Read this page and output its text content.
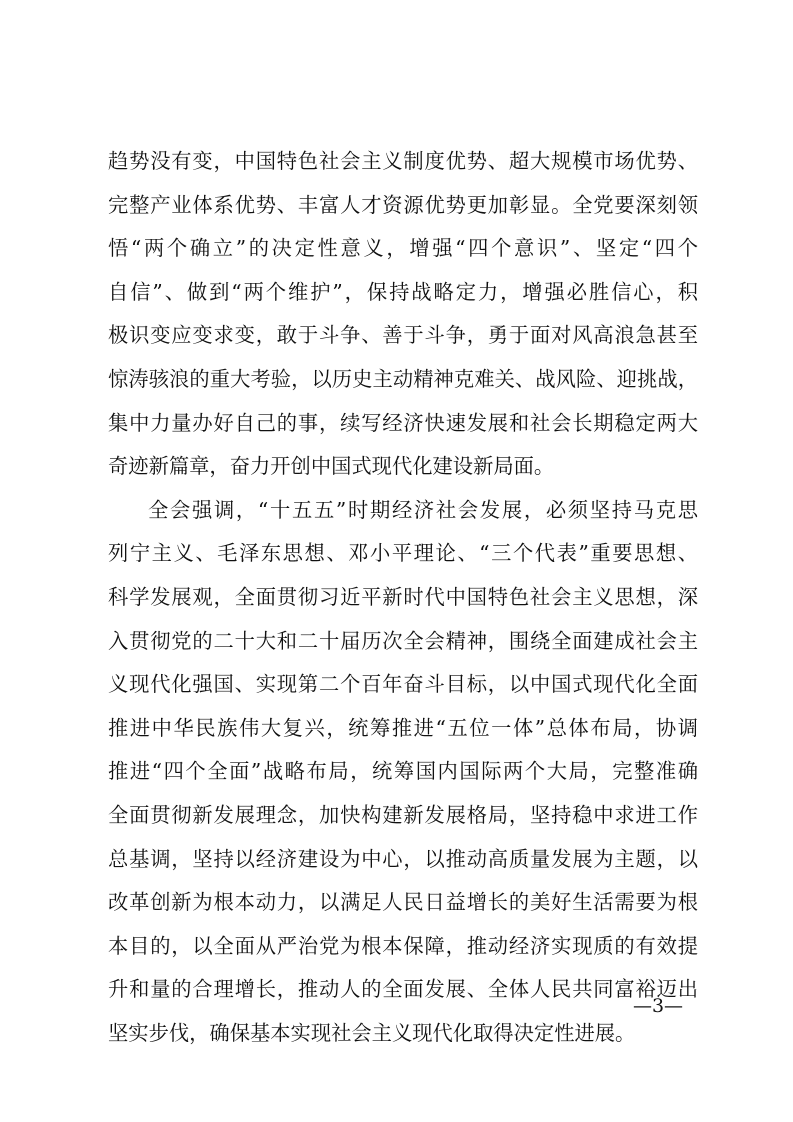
趋势没有变，中国特色社会主义制度优势、超大规模市场优势、
完整产业体系优势、丰富人才资源优势更加彰显。全党要深刻领
悟“两个确立”的决定性意义，增强“四个意识”、坚定“四个
自信”、做到“两个维护”，保持战略定力，增强必胜信心，积
极识变应变求变，敢于斗争、善于斗争，勇于面对风高浪急甚至
惊涛骇浪的重大考验，以历史主动精神克难关、战风险、迎挑战，
集中力量办好自己的事，续写经济快速发展和社会长期稳定两大
奇迹新篇章，奋力开创中国式现代化建设新局面。
全会强调，“十五五”时期经济社会发展，必须坚持马克思
列宁主义、毛泽东思想、邓小平理论、“三个代表”重要思想、
科学发展观，全面贯彻习近平新时代中国特色社会主义思想，深
入贯彻党的二十大和二十届历次全会精神，围绕全面建成社会主
义现代化强国、实现第二个百年奋斗目标，以中国式现代化全面
推进中华民族伟大复兴，统筹推进“五位一体”总体布局，协调
推进“四个全面”战略布局，统筹国内国际两个大局，完整准确
全面贯彻新发展理念，加快构建新发展格局，坚持稳中求进工作
总基调，坚持以经济建设为中心，以推动高质量发展为主题，以
改革创新为根本动力，以满足人民日益增长的美好生活需要为根
本目的，以全面从严治党为根本保障，推动经济实现质的有效提
升和量的合理增长，推动人的全面发展、全体人民共同富裕迈出
坚实步伐，确保基本实现社会主义现代化取得决定性进展。
—3—
